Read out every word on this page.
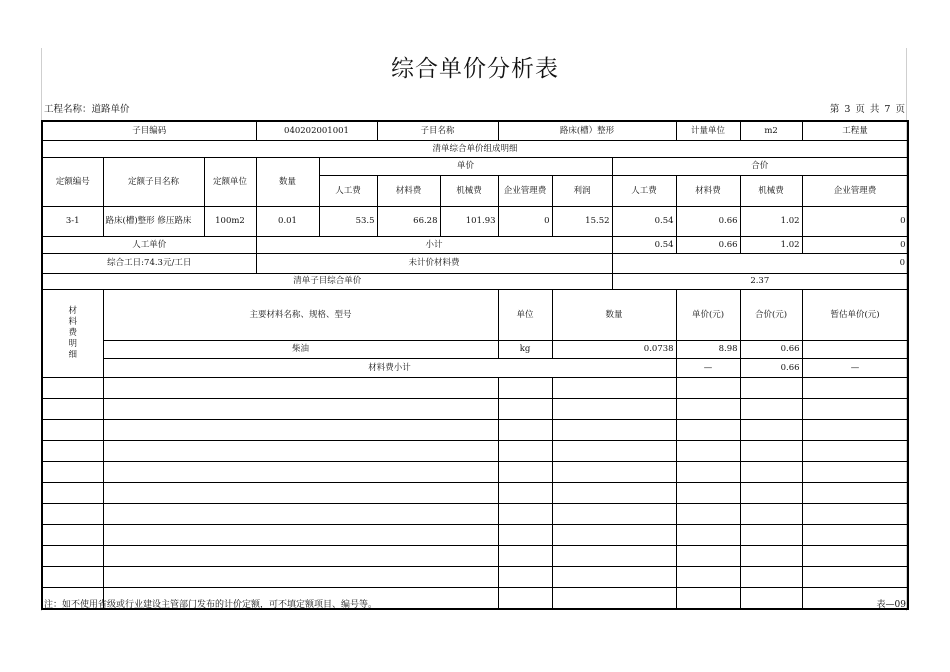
综合单价分析表
工程名称：道路单价	第 3 页 共 7 页
子目编码			040202001001		子目名称		路床(槽）整形			计量单位	m2	工程量	
清单综合单价组成明细													
定额编号	定额子目名称	定额单位	数量	单价					合价				
				人工费	材料费	机械费	企业管理费	利润	人工费	材料费	机械费	企业管理费	
3-1	路床(槽)整形 修压路床	100m2	0.01	53.5	66.28	101.93	0	15.52	0.54	0.66	1.02	0	
人工单价			小计						0.54	0.66	1.02	0	
综合工日:74.3元/工日			未计价材料费						0				
清单子目综合单价									2.37				
材
料
费
明
细	主要材料名称、规格、型号						单位	数量		单价(元)	合价(元)	暂估单价(元)	
	柴油						kg	0.0738		8.98	0.66		
	材料费小计									—	0.66	—	

注：如不使用省级或行业建设主管部门发布的计价定额，可不填定额项目、编号等。	表—09
